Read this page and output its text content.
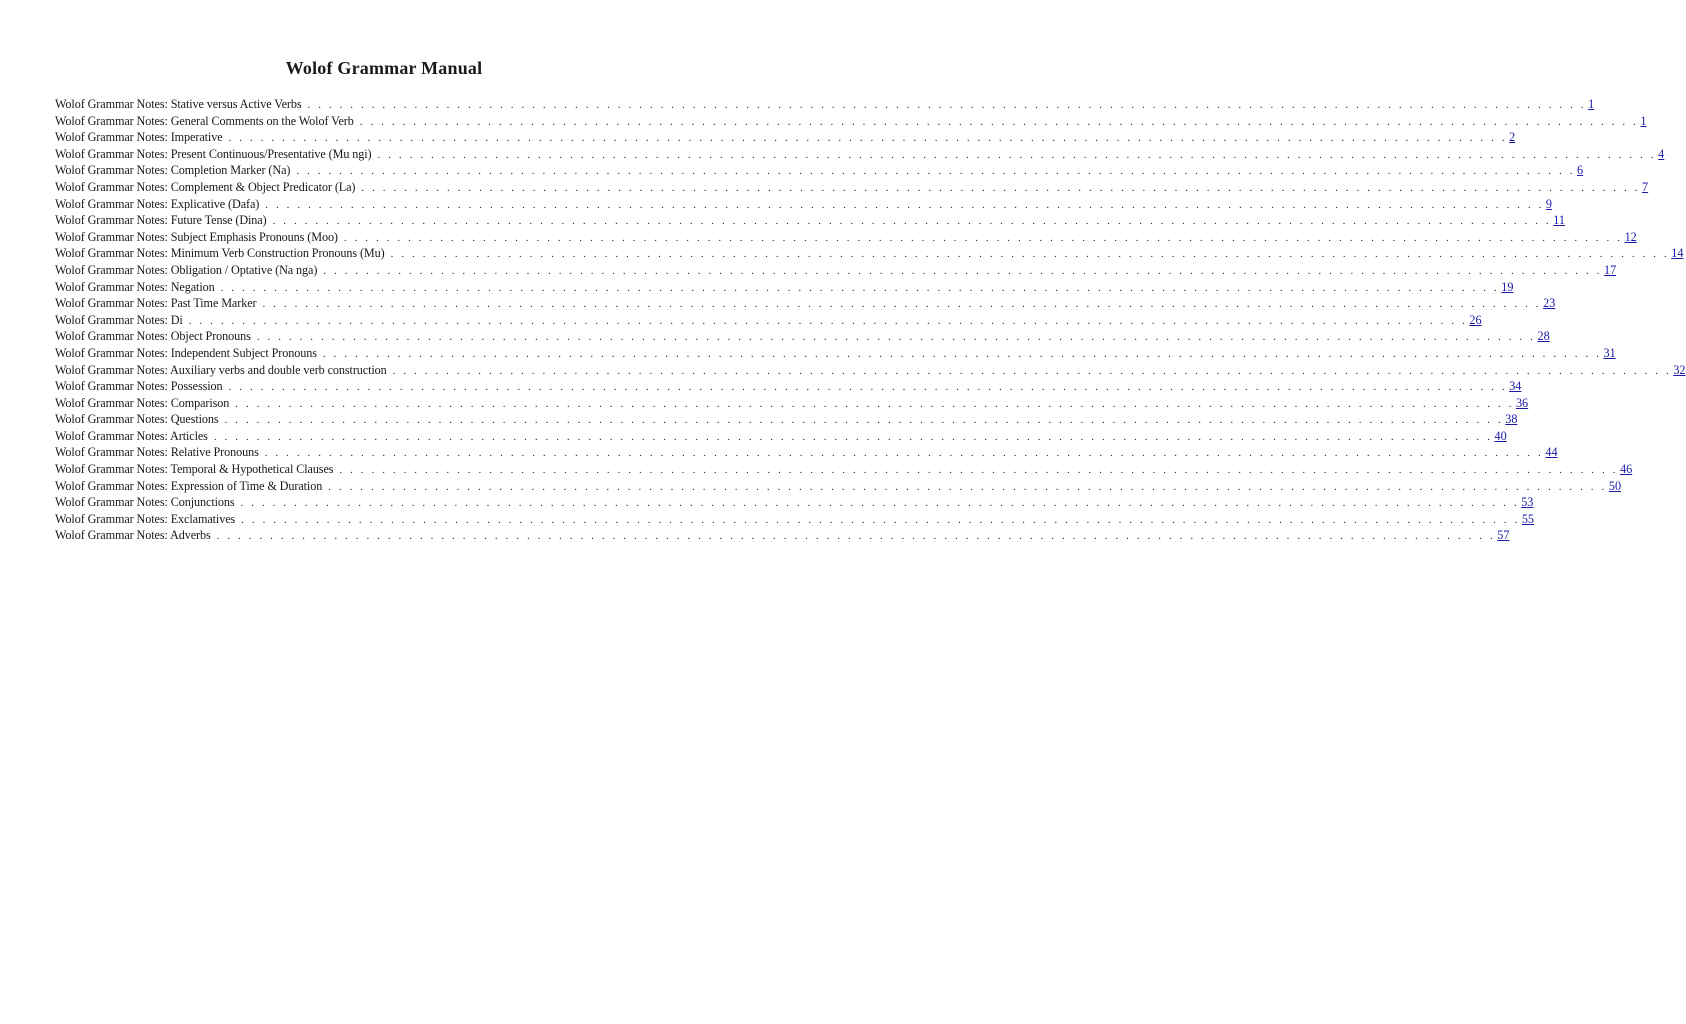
Wolof Grammar Manual
Wolof Grammar Notes: Stative versus Active Verbs . . . . . . . . . . . . . . . . . . . . . . . . . . . . . . . . . . . . . . . . . . . . . . . . . . . . . . . . . . . . . . . . . . . . . . . . . . . . . . . . . . . . . . . . . . . . . . . . . . . . . . . . . . . . . . . . . . . . . . . . 1
Wolof Grammar Notes: General Comments on the Wolof Verb . . . . . . . . . . . . . . . . . . . . . . . . . . . . . . . . . . . . . . . . . . . . . . . . . . . . . . . . . . . . . . . . . . . . . . . . . . . . . . . . . . . . . . . . . . . . . . . . . . . . . . . . . . . . . . . . . . . . . . . . 1
Wolof Grammar Notes: Imperative . . . . . . . . . . . . . . . . . . . . . . . . . . . . . . . . . . . . . . . . . . . . . . . . . . . . . . . . . . . . . . . . . . . . . . . . . . . . . . . . . . . . . . . . . . . . . . . . . . . . . . . . . . . . . . . . . . . . . . . . 2
Wolof Grammar Notes: Present Continuous/Presentative (Mu ngi) . . . . . . . . . . . . . . . . . . . . . . . . . . . . . . . . . . . . . . . . . . . . . . . . . . . . . . . . . . . . . . . . . . . . . . . . . . . . . . . . . . . . . . . . . . . . . . . . . . . . . . . . . . . . . . . . . . . . . . . . 4
Wolof Grammar Notes: Completion Marker (Na) . . . . . . . . . . . . . . . . . . . . . . . . . . . . . . . . . . . . . . . . . . . . . . . . . . . . . . . . . . . . . . . . . . . . . . . . . . . . . . . . . . . . . . . . . . . . . . . . . . . . . . . . . . . . . . . . . . . . . . . . 6
Wolof Grammar Notes: Complement & Object Predicator (La) . . . . . . . . . . . . . . . . . . . . . . . . . . . . . . . . . . . . . . . . . . . . . . . . . . . . . . . . . . . . . . . . . . . . . . . . . . . . . . . . . . . . . . . . . . . . . . . . . . . . . . . . . . . . . . . . . . . . . . . . 7
Wolof Grammar Notes: Explicative (Dafa) . . . . . . . . . . . . . . . . . . . . . . . . . . . . . . . . . . . . . . . . . . . . . . . . . . . . . . . . . . . . . . . . . . . . . . . . . . . . . . . . . . . . . . . . . . . . . . . . . . . . . . . . . . . . . . . . . . . . . . . . 9
Wolof Grammar Notes: Future Tense (Dina) . . . . . . . . . . . . . . . . . . . . . . . . . . . . . . . . . . . . . . . . . . . . . . . . . . . . . . . . . . . . . . . . . . . . . . . . . . . . . . . . . . . . . . . . . . . . . . . . . . . . . . . . . . . . . . . . . . . . . . . . 11
Wolof Grammar Notes: Subject Emphasis Pronouns (Moo) . . . . . . . . . . . . . . . . . . . . . . . . . . . . . . . . . . . . . . . . . . . . . . . . . . . . . . . . . . . . . . . . . . . . . . . . . . . . . . . . . . . . . . . . . . . . . . . . . . . . . . . . . . . . . . . . . . . . . . . . 12
Wolof Grammar Notes: Minimum Verb Construction Pronouns (Mu) . . . . . . . . . . . . . . . . . . . . . . . . . . . . . . . . . . . . . . . . . . . . . . . . . . . . . . . . . . . . . . . . . . . . . . . . . . . . . . . . . . . . . . . . . . . . . . . . . . . . . . . . . . . . . . . . . . . . . . . . 14
Wolof Grammar Notes: Obligation / Optative (Na nga) . . . . . . . . . . . . . . . . . . . . . . . . . . . . . . . . . . . . . . . . . . . . . . . . . . . . . . . . . . . . . . . . . . . . . . . . . . . . . . . . . . . . . . . . . . . . . . . . . . . . . . . . . . . . . . . . . . . . . . . . 17
Wolof Grammar Notes: Negation . . . . . . . . . . . . . . . . . . . . . . . . . . . . . . . . . . . . . . . . . . . . . . . . . . . . . . . . . . . . . . . . . . . . . . . . . . . . . . . . . . . . . . . . . . . . . . . . . . . . . . . . . . . . . . . . . . . . . . . . 19
Wolof Grammar Notes: Past Time Marker . . . . . . . . . . . . . . . . . . . . . . . . . . . . . . . . . . . . . . . . . . . . . . . . . . . . . . . . . . . . . . . . . . . . . . . . . . . . . . . . . . . . . . . . . . . . . . . . . . . . . . . . . . . . . . . . . . . . . . . . 23
Wolof Grammar Notes: Di . . . . . . . . . . . . . . . . . . . . . . . . . . . . . . . . . . . . . . . . . . . . . . . . . . . . . . . . . . . . . . . . . . . . . . . . . . . . . . . . . . . . . . . . . . . . . . . . . . . . . . . . . . . . . . . . . . . . . . . . 26
Wolof Grammar Notes: Object Pronouns . . . . . . . . . . . . . . . . . . . . . . . . . . . . . . . . . . . . . . . . . . . . . . . . . . . . . . . . . . . . . . . . . . . . . . . . . . . . . . . . . . . . . . . . . . . . . . . . . . . . . . . . . . . . . . . . . . . . . . . . 28
Wolof Grammar Notes: Independent Subject Pronouns . . . . . . . . . . . . . . . . . . . . . . . . . . . . . . . . . . . . . . . . . . . . . . . . . . . . . . . . . . . . . . . . . . . . . . . . . . . . . . . . . . . . . . . . . . . . . . . . . . . . . . . . . . . . . . . . . . . . . . . . 31
Wolof Grammar Notes: Auxiliary verbs and double verb construction . . . . . . . . . . . . . . . . . . . . . . . . . . . . . . . . . . . . . . . . . . . . . . . . . . . . . . . . . . . . . . . . . . . . . . . . . . . . . . . . . . . . . . . . . . . . . . . . . . . . . . . . . . . . . . . . . . . . . . . . 32
Wolof Grammar Notes: Possession . . . . . . . . . . . . . . . . . . . . . . . . . . . . . . . . . . . . . . . . . . . . . . . . . . . . . . . . . . . . . . . . . . . . . . . . . . . . . . . . . . . . . . . . . . . . . . . . . . . . . . . . . . . . . . . . . . . . . . . . 34
Wolof Grammar Notes: Comparison . . . . . . . . . . . . . . . . . . . . . . . . . . . . . . . . . . . . . . . . . . . . . . . . . . . . . . . . . . . . . . . . . . . . . . . . . . . . . . . . . . . . . . . . . . . . . . . . . . . . . . . . . . . . . . . . . . . . . . . . 36
Wolof Grammar Notes: Questions . . . . . . . . . . . . . . . . . . . . . . . . . . . . . . . . . . . . . . . . . . . . . . . . . . . . . . . . . . . . . . . . . . . . . . . . . . . . . . . . . . . . . . . . . . . . . . . . . . . . . . . . . . . . . . . . . . . . . . . . 38
Wolof Grammar Notes: Articles . . . . . . . . . . . . . . . . . . . . . . . . . . . . . . . . . . . . . . . . . . . . . . . . . . . . . . . . . . . . . . . . . . . . . . . . . . . . . . . . . . . . . . . . . . . . . . . . . . . . . . . . . . . . . . . . . . . . . . . . 40
Wolof Grammar Notes: Relative Pronouns . . . . . . . . . . . . . . . . . . . . . . . . . . . . . . . . . . . . . . . . . . . . . . . . . . . . . . . . . . . . . . . . . . . . . . . . . . . . . . . . . . . . . . . . . . . . . . . . . . . . . . . . . . . . . . . . . . . . . . . . 44
Wolof Grammar Notes: Temporal & Hypothetical Clauses . . . . . . . . . . . . . . . . . . . . . . . . . . . . . . . . . . . . . . . . . . . . . . . . . . . . . . . . . . . . . . . . . . . . . . . . . . . . . . . . . . . . . . . . . . . . . . . . . . . . . . . . . . . . . . . . . . . . . . . . 46
Wolof Grammar Notes: Expression of Time & Duration . . . . . . . . . . . . . . . . . . . . . . . . . . . . . . . . . . . . . . . . . . . . . . . . . . . . . . . . . . . . . . . . . . . . . . . . . . . . . . . . . . . . . . . . . . . . . . . . . . . . . . . . . . . . . . . . . . . . . . . . 50
Wolof Grammar Notes: Conjunctions . . . . . . . . . . . . . . . . . . . . . . . . . . . . . . . . . . . . . . . . . . . . . . . . . . . . . . . . . . . . . . . . . . . . . . . . . . . . . . . . . . . . . . . . . . . . . . . . . . . . . . . . . . . . . . . . . . . . . . . . 53
Wolof Grammar Notes: Exclamatives . . . . . . . . . . . . . . . . . . . . . . . . . . . . . . . . . . . . . . . . . . . . . . . . . . . . . . . . . . . . . . . . . . . . . . . . . . . . . . . . . . . . . . . . . . . . . . . . . . . . . . . . . . . . . . . . . . . . . . . . 55
Wolof Grammar Notes: Adverbs . . . . . . . . . . . . . . . . . . . . . . . . . . . . . . . . . . . . . . . . . . . . . . . . . . . . . . . . . . . . . . . . . . . . . . . . . . . . . . . . . . . . . . . . . . . . . . . . . . . . . . . . . . . . . . . . . . . . . . . . 57
